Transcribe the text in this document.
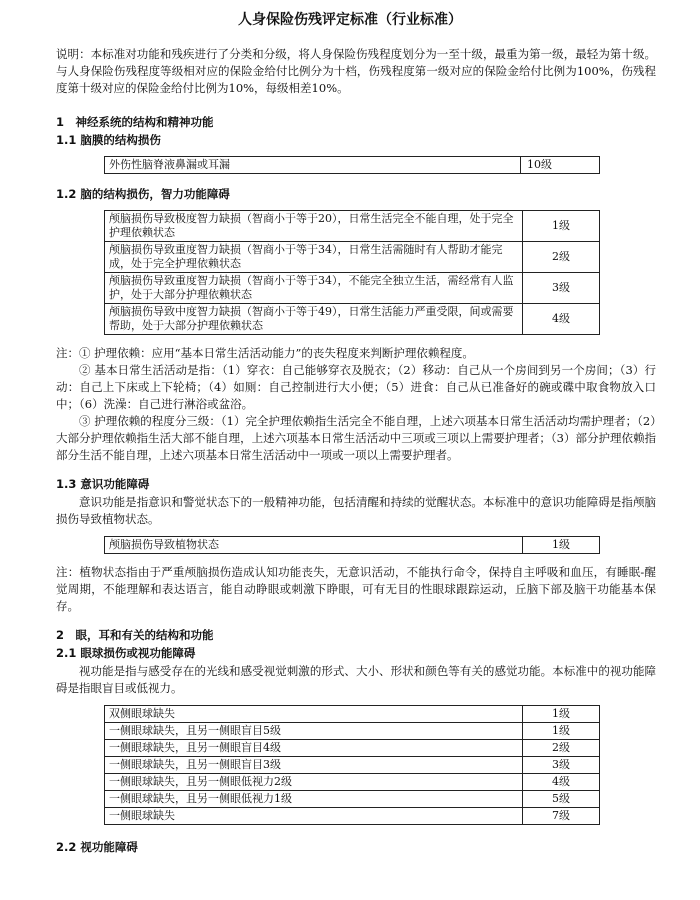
人身保险伤残评定标准（行业标准）

说明：本标准对功能和残疾进行了分类和分级，将人身保险伤残程度划分为一至十级，最重为第一级，最轻为第十级。与人身保险伤残程度等级相对应的保险金给付比例分为十档，伤残程度第一级对应的保险金给付比例为100%，伤残程度第十级对应的保险金给付比例为10%，每级相差10%。

1　神经系统的结构和精神功能
1.1 脑膜的结构损伤
外伤性脑脊液鼻漏或耳漏	10级
1.2 脑的结构损伤，智力功能障碍
颅脑损伤导致极度智力缺损（智商小于等于20），日常生活完全不能自理，处于完全护理依赖状态	1级
颅脑损伤导致重度智力缺损（智商小于等于34），日常生活需随时有人帮助才能完成，处于完全护理依赖状态	2级
颅脑损伤导致重度智力缺损（智商小于等于34），不能完全独立生活，需经常有人监护，处于大部分护理依赖状态	3级
颅脑损伤导致中度智力缺损（智商小于等于49），日常生活能力严重受限，间或需要帮助，处于大部分护理依赖状态	4级

注：① 护理依赖：应用“基本日常生活活动能力”的丧失程度来判断护理依赖程度。

② 基本日常生活活动是指：（1）穿衣：自己能够穿衣及脱衣；（2）移动：自己从一个房间到另一个房间；（3）行动：自己上下床或上下轮椅；（4）如厕：自己控制进行大小便；（5）进食：自己从已准备好的碗或碟中取食物放入口中；（6）洗澡：自己进行淋浴或盆浴。

③ 护理依赖的程度分三级：（1）完全护理依赖指生活完全不能自理，上述六项基本日常生活活动均需护理者；（2）大部分护理依赖指生活大部不能自理，上述六项基本日常生活活动中三项或三项以上需要护理者；（3）部分护理依赖指部分生活不能自理，上述六项基本日常生活活动中一项或一项以上需要护理者。

1.3 意识功能障碍

意识功能是指意识和警觉状态下的一般精神功能，包括清醒和持续的觉醒状态。本标准中的意识功能障碍是指颅脑损伤导致植物状态。

颅脑损伤导致植物状态	1级

注：植物状态指由于严重颅脑损伤造成认知功能丧失，无意识活动，不能执行命令，保持自主呼吸和血压，有睡眠-醒觉周期，不能理解和表达语言，能自动睁眼或刺激下睁眼，可有无目的性眼球跟踪运动，丘脑下部及脑干功能基本保存。

2　眼，耳和有关的结构和功能
2.1 眼球损伤或视功能障碍

视功能是指与感受存在的光线和感受视觉刺激的形式、大小、形状和颜色等有关的感觉功能。本标准中的视功能障碍是指眼盲目或低视力。

双侧眼球缺失	1级
一侧眼球缺失，且另一侧眼盲目5级	1级
一侧眼球缺失，且另一侧眼盲目4级	2级
一侧眼球缺失，且另一侧眼盲目3级	3级
一侧眼球缺失，且另一侧眼低视力2级	4级
一侧眼球缺失，且另一侧眼低视力1级	5级
一侧眼球缺失	7级
2.2 视功能障碍
